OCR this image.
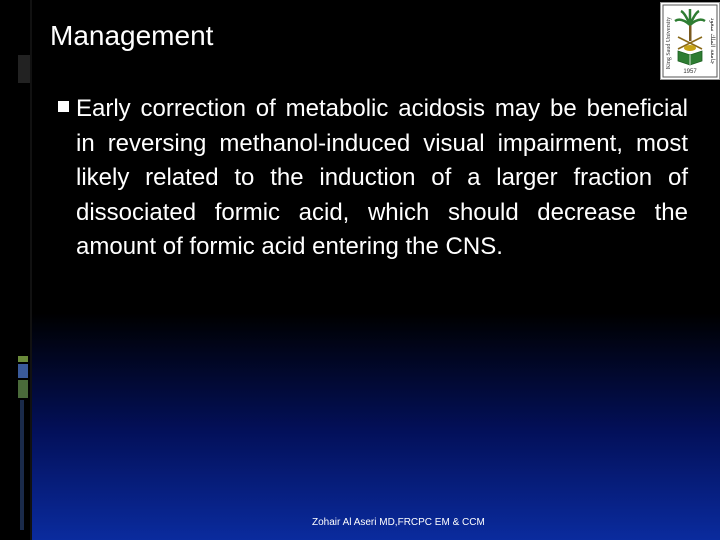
Management	King Saud University	جامعة الملك سعود
1957

Early correction of metabolic acidosis may be beneficial in reversing methanol-induced visual impairment, most likely related to the induction of a larger fraction of dissociated formic acid, which should decrease the amount of formic acid entering the CNS.

Zohair Al Aseri MD,FRCPC EM & CCM
